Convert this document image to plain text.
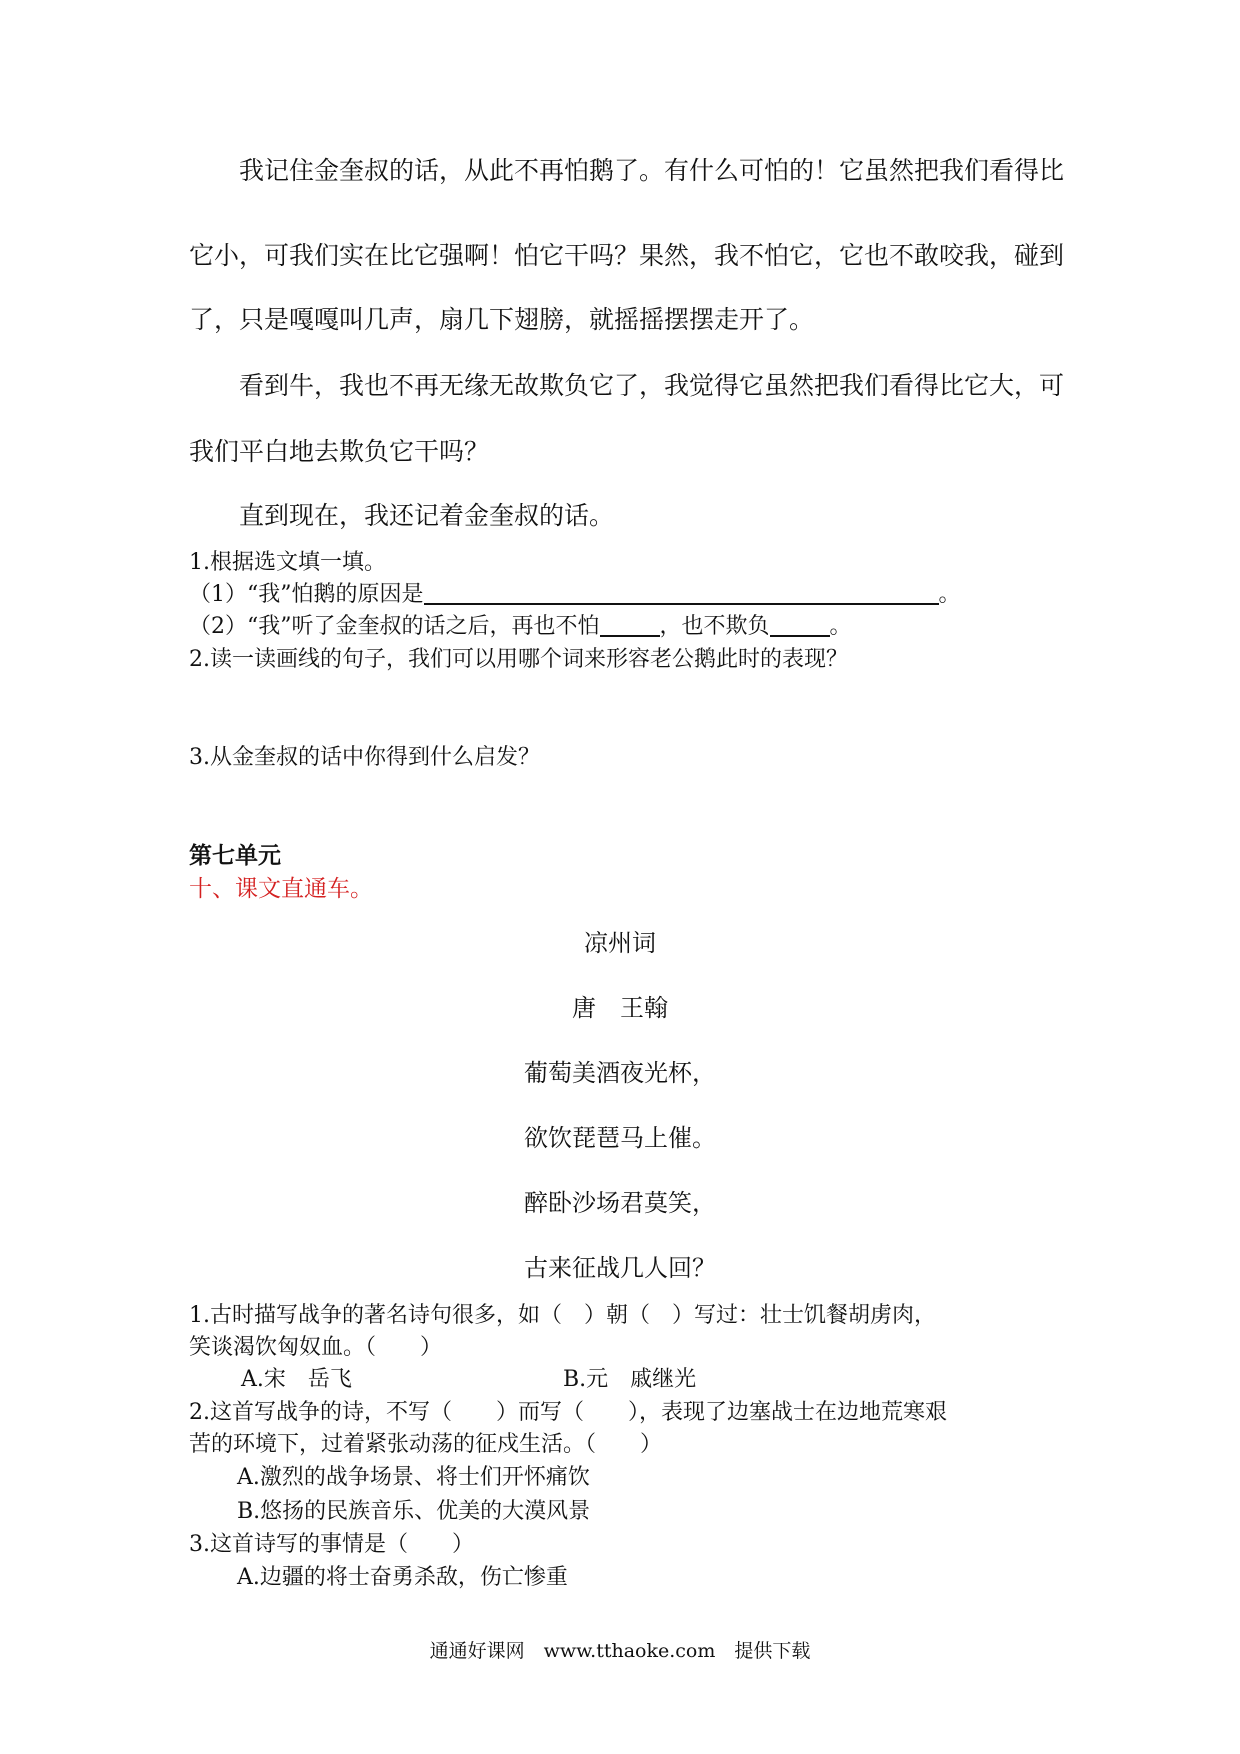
我记住金奎叔的话，从此不再怕鹅了。有什么可怕的！它虽然把我们看得比
它小，可我们实在比它强啊！怕它干吗？果然，我不怕它，它也不敢咬我，碰到
了，只是嘎嘎叫几声，扇几下翅膀，就摇摇摆摆走开了。
看到牛，我也不再无缘无故欺负它了，我觉得它虽然把我们看得比它大，可
我们平白地去欺负它干吗？
直到现在，我还记着金奎叔的话。
1.根据选文填一填。
（1）“我”怕鹅的原因是	。
（2）“我”听了金奎叔的话之后，再也不怕	，也不欺负	。
2.读一读画线的句子，我们可以用哪个词来形容老公鹅此时的表现？
3.从金奎叔的话中你得到什么启发？
第七单元
十、课文直通车。
凉州词
唐　王翰
葡萄美酒夜光杯，
欲饮琵琶马上催。
醉卧沙场君莫笑，
古来征战几人回？
1.古时描写战争的著名诗句很多，如（　）朝（　）写过：壮士饥餐胡虏肉，
笑谈渴饮匈奴血。（　　）
A.宋　岳飞	B.元　戚继光
2.这首写战争的诗，不写（　　）而写（　　），表现了边塞战士在边地荒寒艰
苦的环境下，过着紧张动荡的征戍生活。（　　）
A.激烈的战争场景、将士们开怀痛饮
B.悠扬的民族音乐、优美的大漠风景
3.这首诗写的事情是（　　）
A.边疆的将士奋勇杀敌，伤亡惨重
通通好课网　www.tthaoke.com　提供下载
